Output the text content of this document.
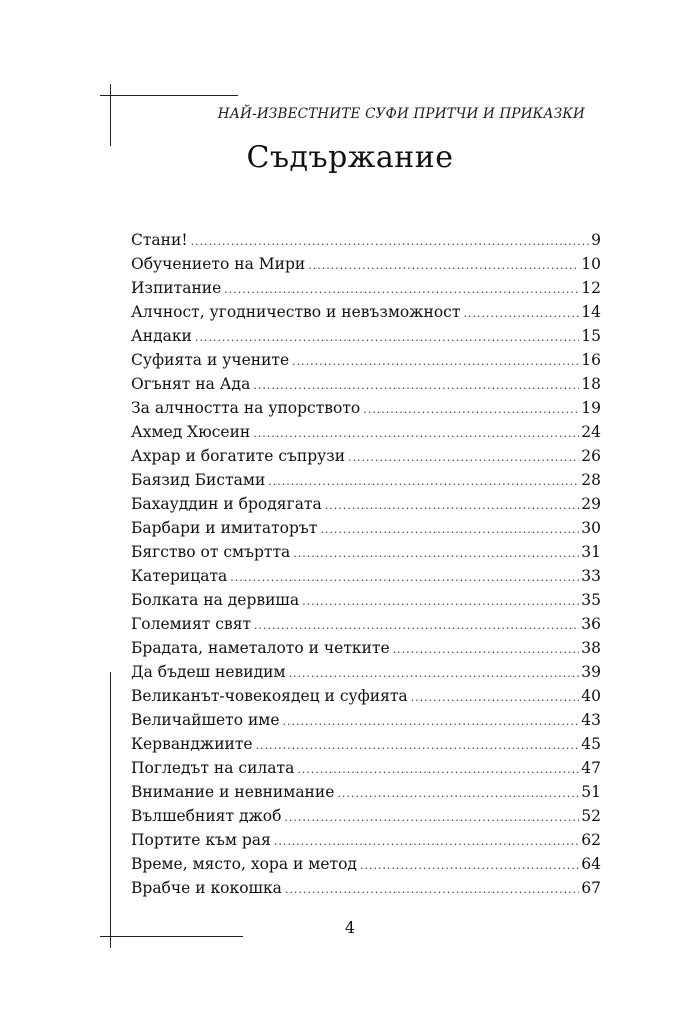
НАЙ-ИЗВЕСТНИТЕ СУФИ ПРИТЧИ И ПРИКАЗКИ
Съдържание
Стани! .....	9
Обучението на Мири .....	10
Изпитание .....	12
Алчност, угодничество и невъзможност .....	14
Андаки .....	15
Суфията и учените .....	16
Огънят на Ада .....	18
За алчността на упорството .....	19
Ахмед Хюсеин .....	24
Ахрар и богатите съпрузи .....	26
Баязид Бистами .....	28
Бахауддин и бродягата .....	29
Барбари и имитаторът .....	30
Бягство от смъртта .....	31
Катерицата .....	33
Болката на дервиша .....	35
Големият свят .....	36
Брадата, наметалото и четките .....	38
Да бъдеш невидим .....	39
Великанът-човекоядец и суфията .....	40
Величайшето име .....	43
Керванджиите .....	45
Погледът на силата .....	47
Внимание и невнимание .....	51
Вълшебният джоб .....	52
Портите към рая .....	62
Време, място, хора и метод .....	64
Врабче и кокошка .....	67
4
